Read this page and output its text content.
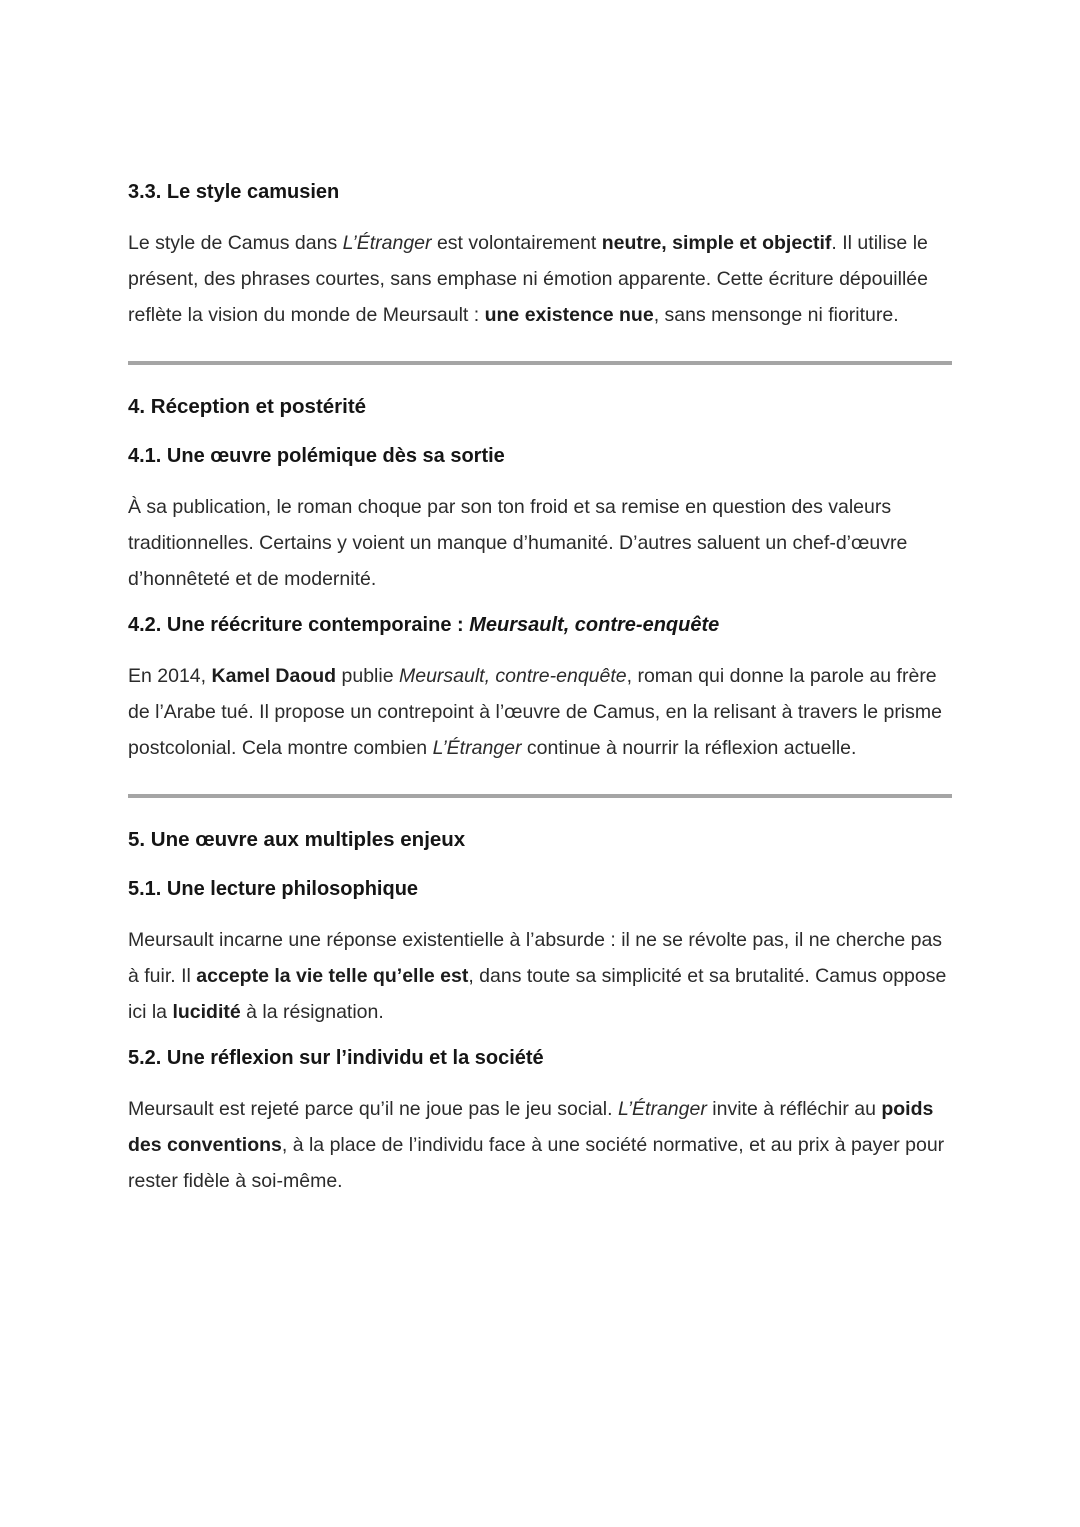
3.3. Le style camusien

Le style de Camus dans L’Étranger est volontairement neutre, simple et objectif. Il utilise le présent, des phrases courtes, sans emphase ni émotion apparente. Cette écriture dépouillée reflète la vision du monde de Meursault : une existence nue, sans mensonge ni fioriture.

4. Réception et postérité
4.1. Une œuvre polémique dès sa sortie

À sa publication, le roman choque par son ton froid et sa remise en question des valeurs traditionnelles. Certains y voient un manque d’humanité. D’autres saluent un chef-d’œuvre d’honnêteté et de modernité.

4.2. Une réécriture contemporaine : Meursault, contre-enquête

En 2014, Kamel Daoud publie Meursault, contre-enquête, roman qui donne la parole au frère de l’Arabe tué. Il propose un contrepoint à l’œuvre de Camus, en la relisant à travers le prisme postcolonial. Cela montre combien L’Étranger continue à nourrir la réflexion actuelle.

5. Une œuvre aux multiples enjeux
5.1. Une lecture philosophique

Meursault incarne une réponse existentielle à l’absurde : il ne se révolte pas, il ne cherche pas à fuir. Il accepte la vie telle qu’elle est, dans toute sa simplicité et sa brutalité. Camus oppose ici la lucidité à la résignation.

5.2. Une réflexion sur l’individu et la société

Meursault est rejeté parce qu’il ne joue pas le jeu social. L’Étranger invite à réfléchir au poids des conventions, à la place de l’individu face à une société normative, et au prix à payer pour rester fidèle à soi-même.
